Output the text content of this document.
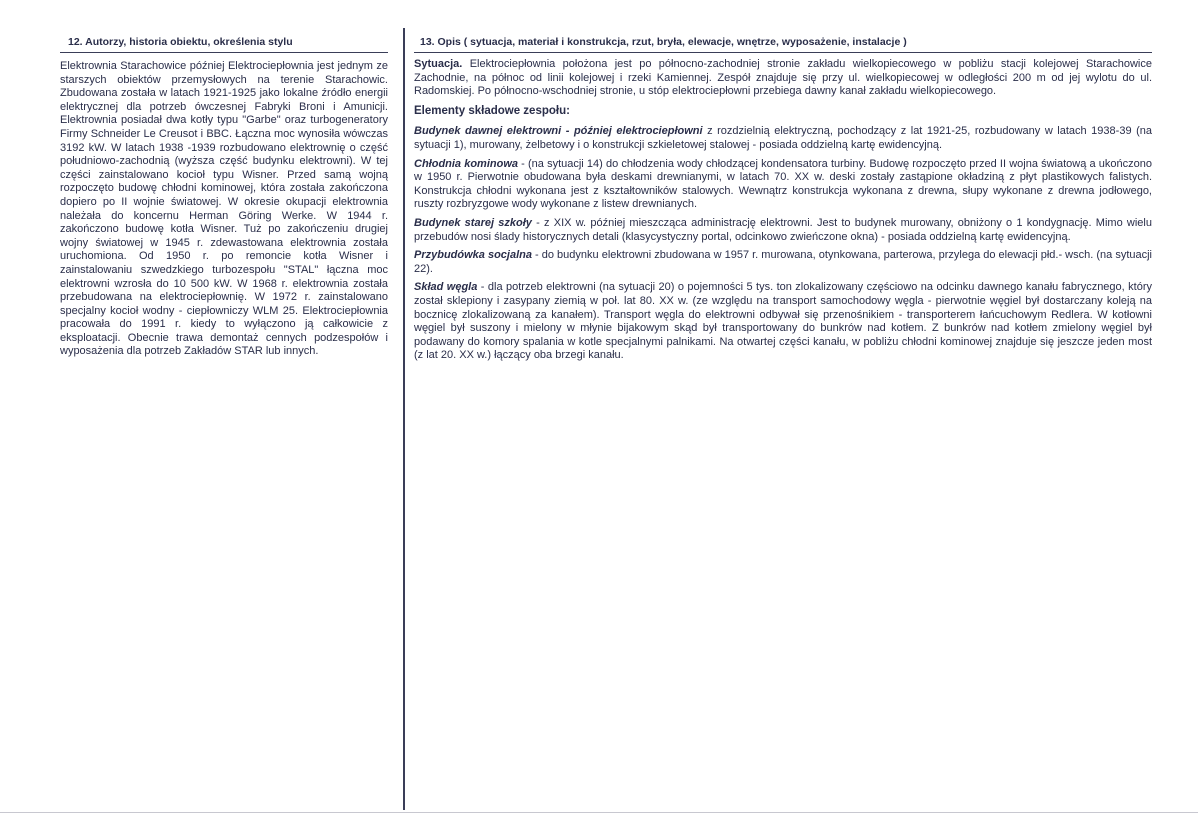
12. Autorzy, historia obiektu, określenia stylu
Elektrownia Starachowice później Elektrociepłownia jest jednym ze starszych obiektów przemysłowych na terenie Starachowic. Zbudowana została w latach 1921-1925 jako lokalne źródło energii elektrycznej dla potrzeb ówczesnej Fabryki Broni i Amunicji. Elektrownia posiadał dwa kotły typu "Garbe" oraz turbogeneratory Firmy Schneider Le Creusot i BBC. Łączna moc wynosiła wówczas 3192 kW. W latach 1938 -1939 rozbudowano elektrownię o część południowo-zachodnią (wyższa część budynku elektrowni). W tej części zainstalowano kocioł typu Wisner. Przed samą wojną rozpoczęto budowę chłodni kominowej, która została zakończona dopiero po II wojnie światowej. W okresie okupacji elektrownia należała do koncernu Herman Göring Werke. W 1944 r. zakończono budowę kotła Wisner. Tuż po zakończeniu drugiej wojny światowej w 1945 r. zdewastowana elektrownia została uruchomiona. Od 1950 r. po remoncie kotła Wisner i zainstalowaniu szwedzkiego turbozespołu "STAL" łączna moc elektrowni wzrosła do 10 500 kW. W 1968 r. elektrownia została przebudowana na elektrociepłownię. W 1972 r. zainstalowano specjalny kocioł wodny - ciepłowniczy WLM 25. Elektrociepłownia pracowała do 1991 r. kiedy to wyłączono ją całkowicie z eksploatacji. Obecnie trawa demontaż cennych podzespołów i wyposażenia dla potrzeb Zakładów STAR lub innych.
13. Opis ( sytuacja, materiał i konstrukcja, rzut, bryła, elewacje, wnętrze, wyposażenie, instalacje )

Sytuacja. Elektrociepłownia położona jest po północno-zachodniej stronie zakładu wielkopiecowego w pobliżu stacji kolejowej Starachowice Zachodnie, na północ od linii kolejowej i rzeki Kamiennej. Zespół znajduje się przy ul. wielkopiecowej w odległości 200 m od jej wylotu do ul. Radomskiej. Po północno-wschodniej stronie, u stóp elektrociepłowni przebiega dawny kanał zakładu wielkopiecowego.

Elementy składowe zespołu:

Budynek dawnej elektrowni - później elektrociepłowni z rozdzielnią elektryczną, pochodzący z lat 1921-25, rozbudowany w latach 1938-39 (na sytuacji 1), murowany, żelbetowy i o konstrukcji szkieletowej stalowej - posiada oddzielną kartę ewidencyjną.

Chłodnia kominowa - (na sytuacji 14) do chłodzenia wody chłodzącej kondensatora turbiny. Budowę rozpoczęto przed II wojna światową a ukończono w 1950 r. Pierwotnie obudowana była deskami drewnianymi, w latach 70. XX w. deski zostały zastąpione okładziną z płyt plastikowych falistych. Konstrukcja chłodni wykonana jest z kształtowników stalowych. Wewnątrz konstrukcja wykonana z drewna, słupy wykonane z drewna jodłowego, ruszty rozbryzgowe wody wykonane z listew drewnianych.

Budynek starej szkoły - z XIX w. później mieszcząca administrację elektrowni. Jest to budynek murowany, obniżony o 1 kondygnację. Mimo wielu przebudów nosi ślady historycznych detali (klasycystyczny portal, odcinkowo zwieńczone okna) - posiada oddzielną kartę ewidencyjną.

Przybudówka socjalna - do budynku elektrowni zbudowana w 1957 r. murowana, otynkowana, parterowa, przylega do elewacji płd.- wsch. (na sytuacji 22).

Skład węgla - dla potrzeb elektrowni (na sytuacji 20) o pojemności 5 tys. ton zlokalizowany częściowo na odcinku dawnego kanału fabrycznego, który został sklepiony i zasypany ziemią w poł. lat 80. XX w. (ze względu na transport samochodowy węgla - pierwotnie węgiel był dostarczany koleją na bocznicę zlokalizowaną za kanałem). Transport węgla do elektrowni odbywał się przenośnikiem - transporterem łańcuchowym Redlera. W kotłowni węgiel był suszony i mielony w młynie bijakowym skąd był transportowany do bunkrów nad kotłem. Z bunkrów nad kotłem zmielony węgiel był podawany do komory spalania w kotle specjalnymi palnikami. Na otwartej części kanału, w pobliżu chłodni kominowej znajduje się jeszcze jeden most (z lat 20. XX w.) łączący oba brzegi kanału.
